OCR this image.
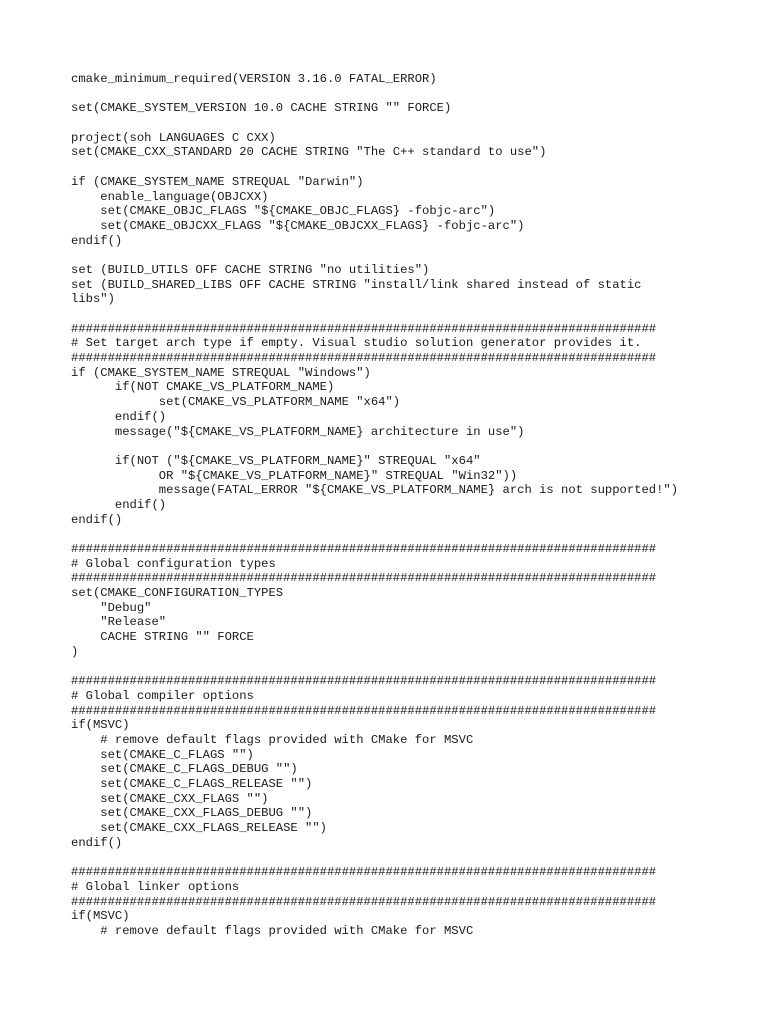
cmake_minimum_required(VERSION 3.16.0 FATAL_ERROR)
set(CMAKE_SYSTEM_VERSION 10.0 CACHE STRING "" FORCE)
project(soh LANGUAGES C CXX)
set(CMAKE_CXX_STANDARD 20 CACHE STRING "The C++ standard to use")
if (CMAKE_SYSTEM_NAME STREQUAL "Darwin")
enable_language(OBJCXX)
set(CMAKE_OBJC_FLAGS "${CMAKE_OBJC_FLAGS} -fobjc-arc")
set(CMAKE_OBJCXX_FLAGS "${CMAKE_OBJCXX_FLAGS} -fobjc-arc")
endif()
set (BUILD_UTILS OFF CACHE STRING "no utilities")
set (BUILD_SHARED_LIBS OFF CACHE STRING "install/link shared instead of static
libs")
################################################################################
# Set target arch type if empty. Visual studio solution generator provides it.
################################################################################
if (CMAKE_SYSTEM_NAME STREQUAL "Windows")
if(NOT CMAKE_VS_PLATFORM_NAME)
set(CMAKE_VS_PLATFORM_NAME "x64")
endif()
message("${CMAKE_VS_PLATFORM_NAME} architecture in use")
if(NOT ("${CMAKE_VS_PLATFORM_NAME}" STREQUAL "x64"
OR "${CMAKE_VS_PLATFORM_NAME}" STREQUAL "Win32"))
message(FATAL_ERROR "${CMAKE_VS_PLATFORM_NAME} arch is not supported!")
endif()
endif()
################################################################################
# Global configuration types
################################################################################
set(CMAKE_CONFIGURATION_TYPES
"Debug"
"Release"
CACHE STRING "" FORCE
)
################################################################################
# Global compiler options
################################################################################
if(MSVC)
# remove default flags provided with CMake for MSVC
set(CMAKE_C_FLAGS "")
set(CMAKE_C_FLAGS_DEBUG "")
set(CMAKE_C_FLAGS_RELEASE "")
set(CMAKE_CXX_FLAGS "")
set(CMAKE_CXX_FLAGS_DEBUG "")
set(CMAKE_CXX_FLAGS_RELEASE "")
endif()
################################################################################
# Global linker options
################################################################################
if(MSVC)
# remove default flags provided with CMake for MSVC
